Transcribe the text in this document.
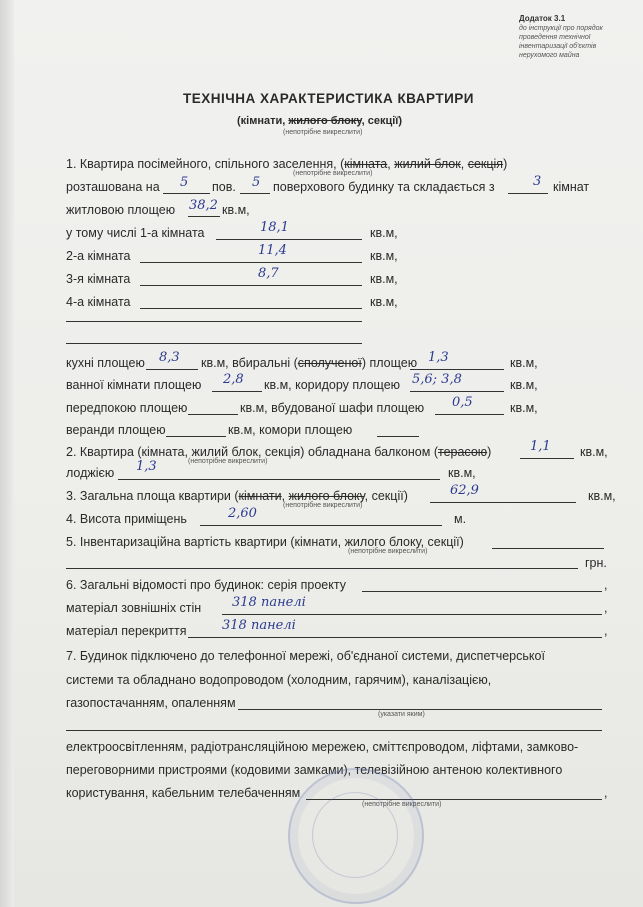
Додаток 3.1
до інструкції про порядок
проведення технічної
інвентаризації об'єктів
нерухомого майна
ТЕХНІЧНА ХАРАКТЕРИСТИКА КВАРТИРИ
(кімнати, жилого блоку, секції)
(непотрібне викреслити)
1. Квартира посімейного, спільного заселення, (кімната, жилий блок, секція)
(непотрібне викреслити)
розташована на 5 пов. 5 поверхового будинку та складається з	3 кімнат
житловою площею 38,2 кв.м,
у тому числі 1-а кімната	18,1	кв.м,
2-а кімната	11,4	кв.м,
3-я кімната	8,7	кв.м,
4-а кімната	кв.м,
кухні площею 8,3 кв.м, вбиральні (сполученої) площею 1,3	кв.м,
ванної кімнати площею 2,8 кв.м, коридору площею 5,6; 3,8	кв.м,
передпокою площею	кв.м, вбудованої шафи площею 0,5	кв.м,
веранди площею	кв.м, комори площею
2. Квартира (кімната, жилий блок, секція) обладнана балконом (терасою)	1,1 кв.м,
(непотрібне викреслити)
лоджією 1,3	кв.м,
3. Загальна площа квартири (кімнати, жилого блоку, секції)	62,9	кв.м,
(непотрібне викреслити)
4. Висота приміщень	2,60	м.
5. Інвентаризаційна вартість квартири (кімнати, жилого блоку, секції)
(непотрібне викреслити)
грн.
6. Загальні відомості про будинок: серія проекту	,
матеріал зовнішніх стін 318 панелі	,
матеріал перекриття	318 панелі	,
7. Будинок підключено до телефонної мережі, об'єднаної системи, диспетчерської
системи та обладнано водопроводом (холодним, гарячим), каналізацією,
газопостачанням, опаленням
(указати яким)
електроосвітленням, радіотрансляційною мережею, сміттєпроводом, ліфтами, замково-
переговорними пристроями (кодовими замками), телевізійною антеною колективного
користування, кабельним телебаченням	,
(непотрібне викреслити)
